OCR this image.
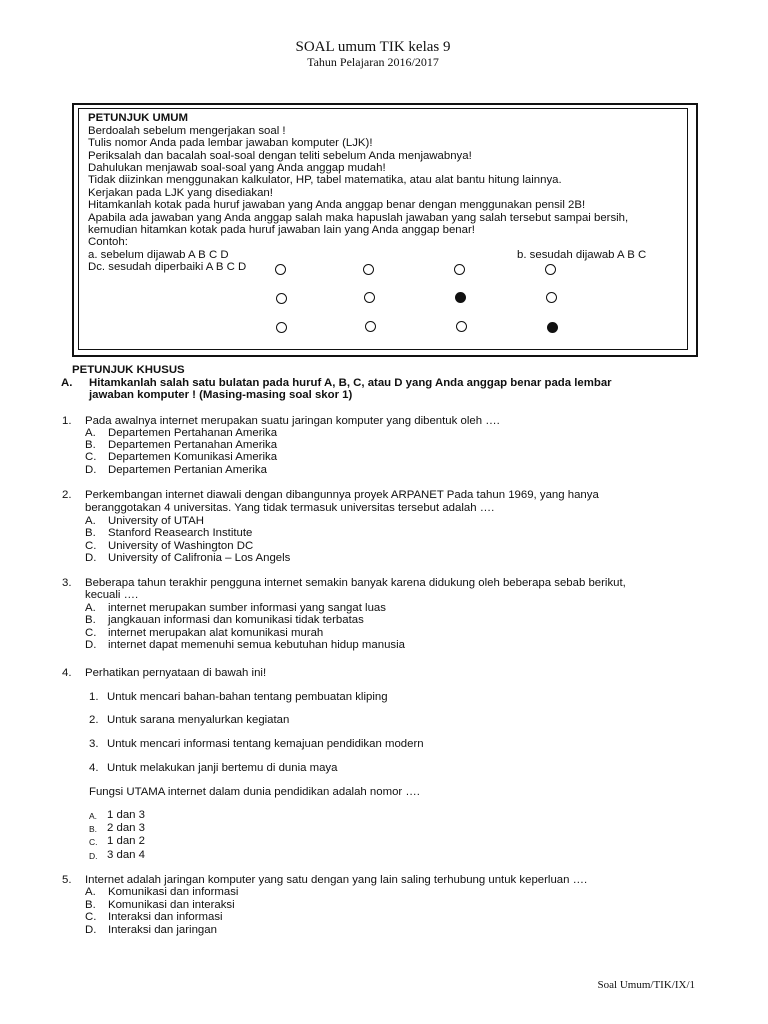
SOAL umum TIK kelas 9
Tahun Pelajaran 2016/2017
PETUNJUK UMUM
Berdoalah sebelum mengerjakan soal !
Tulis nomor Anda pada lembar jawaban komputer (LJK)!
Periksalah dan bacalah soal-soal dengan teliti sebelum Anda menjawabnya!
Dahulukan menjawab soal-soal yang Anda anggap mudah!
Tidak diizinkan menggunakan kalkulator, HP, tabel matematika, atau alat bantu hitung lainnya.
Kerjakan pada LJK yang disediakan!
Hitamkanlah kotak pada huruf jawaban yang Anda anggap benar dengan menggunakan pensil 2B!
Apabila ada jawaban yang Anda anggap salah maka hapuslah jawaban yang salah tersebut sampai bersih,
kemudian hitamkan kotak pada huruf jawaban lain yang Anda anggap benar!
Contoh:
a. sebelum dijawab A B C D	b. sesudah dijawab A B C
Dc. sesudah diperbaiki A B C D
PETUNJUK KHUSUS
A. Hitamkanlah salah satu bulatan pada huruf A, B, C, atau D yang Anda anggap benar pada lembar
jawaban komputer ! (Masing-masing soal skor 1)
1. Pada awalnya internet merupakan suatu jaringan komputer yang dibentuk oleh ….
A. Departemen Pertahanan Amerika
B. Departemen Pertanahan Amerika
C. Departemen Komunikasi Amerika
D. Departemen Pertanian Amerika
2. Perkembangan internet diawali dengan dibangunnya proyek ARPANET Pada tahun 1969, yang hanya
beranggotakan 4 universitas. Yang tidak termasuk universitas tersebut adalah ….
A. University of UTAH
B. Stanford Reasearch Institute
C. University of Washington DC
D. University of Califronia – Los Angels
3. Beberapa tahun terakhir pengguna internet semakin banyak karena didukung oleh beberapa sebab berikut,
kecuali ….
A. internet merupakan sumber informasi yang sangat luas
B. jangkauan informasi dan komunikasi tidak terbatas
C. internet merupakan alat komunikasi murah
D. internet dapat memenuhi semua kebutuhan hidup manusia
4. Perhatikan pernyataan di bawah ini!
1. Untuk mencari bahan-bahan tentang pembuatan kliping
2. Untuk sarana menyalurkan kegiatan
3. Untuk mencari informasi tentang kemajuan pendidikan modern
4. Untuk melakukan janji bertemu di dunia maya
Fungsi UTAMA internet dalam dunia pendidikan adalah nomor ….
A. 1 dan 3
B. 2 dan 3
C. 1 dan 2
D. 3 dan 4
5. Internet adalah jaringan komputer yang satu dengan yang lain saling terhubung untuk keperluan ….
A. Komunikasi dan informasi
B. Komunikasi dan interaksi
C. Interaksi dan informasi
D. Interaksi dan jaringan
Soal Umum/TIK/IX/1
